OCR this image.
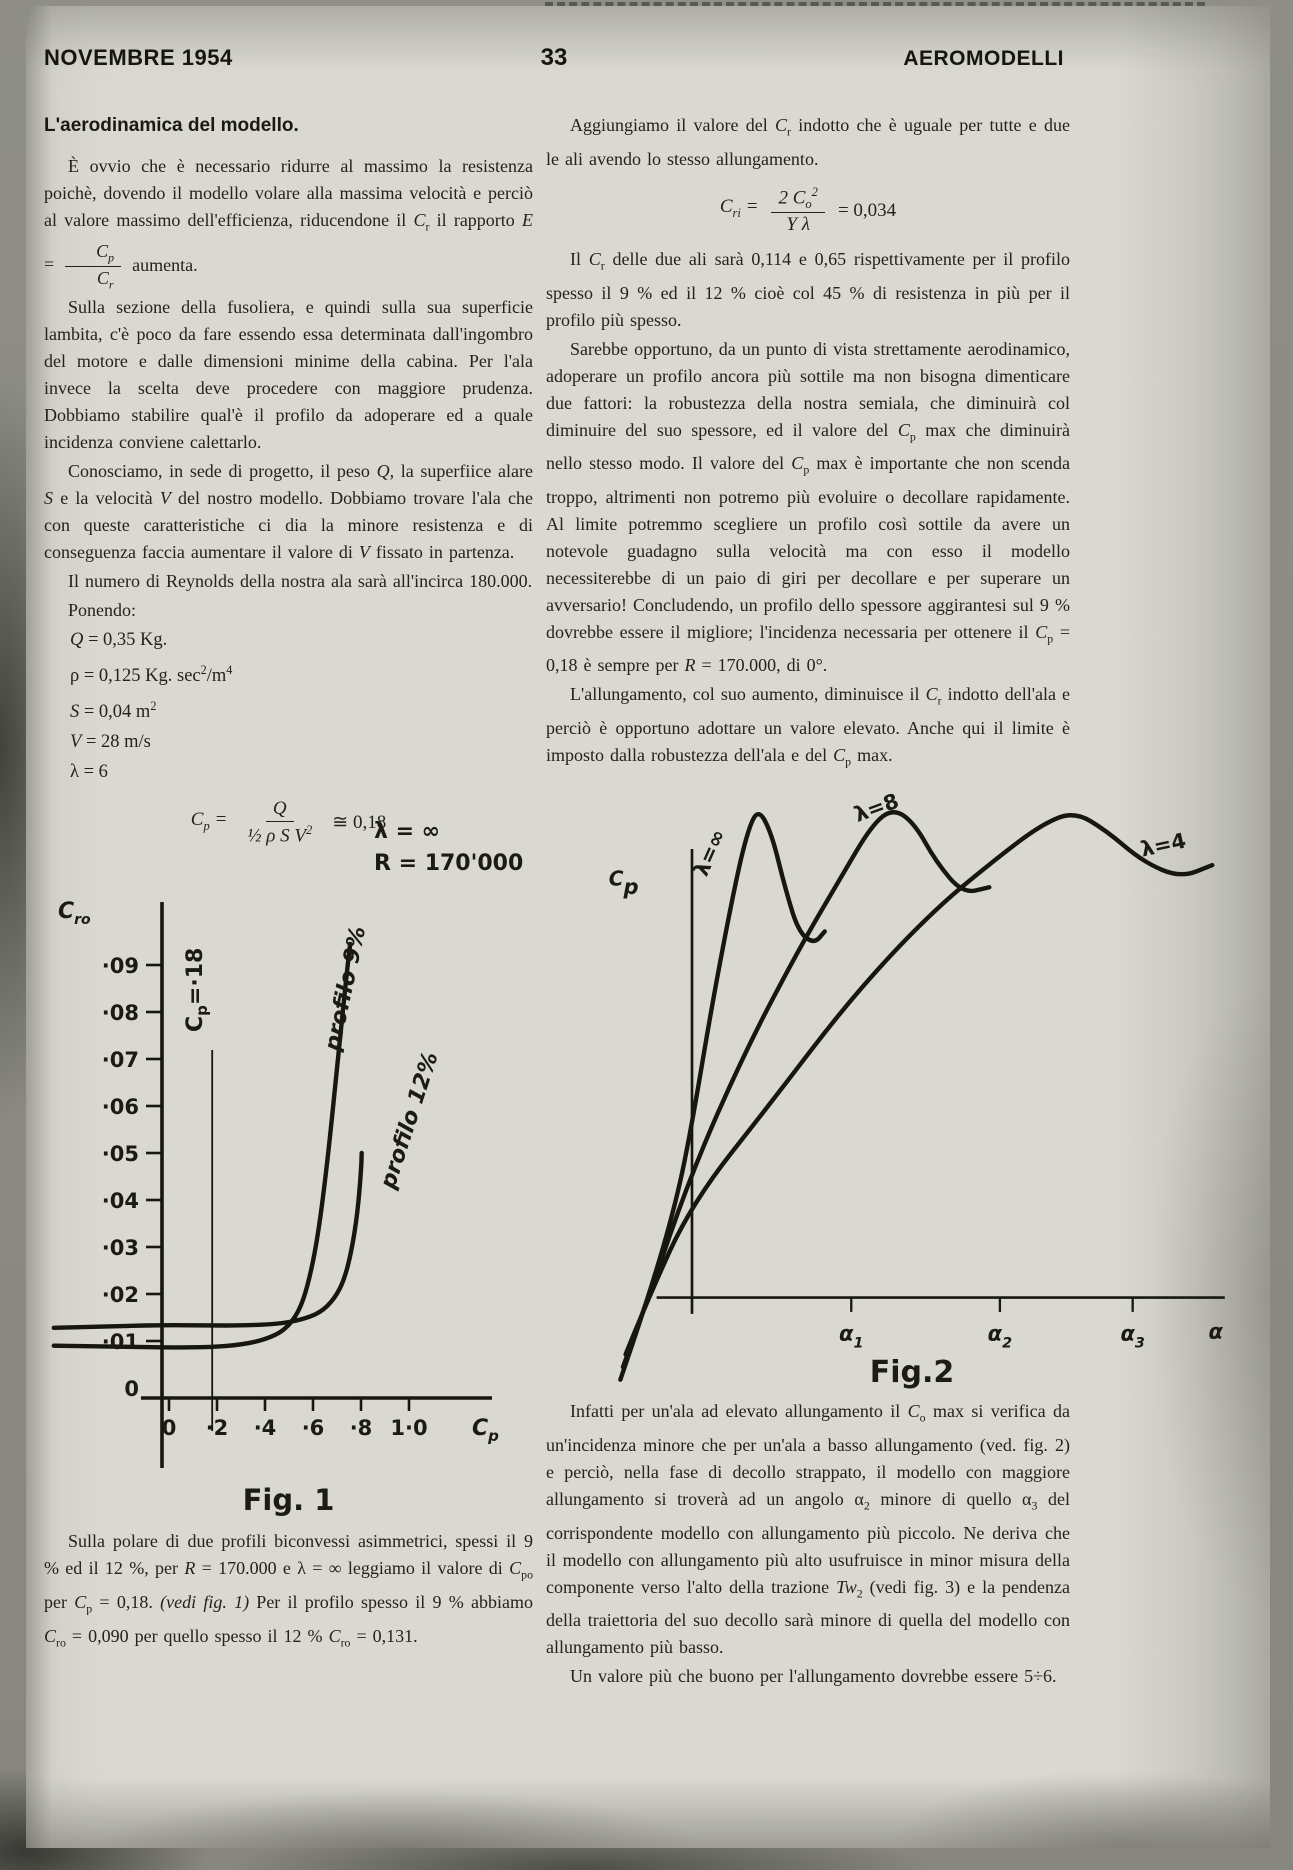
NOVEMBRE 1954	33	AEROMODELLI
L'aerodinamica del modello.

È ovvio che è necessario ridurre al massimo la resistenza poichè, dovendo il modello volare alla massima velocità e perciò al valore massimo dell'efficienza, riducendone il $C_r$ il rapporto $E = \frac{C_p}{C_r}$ aumenta.

Sulla sezione della fusoliera, e quindi sulla sua superficie lambita, c'è poco da fare essendo essa determinata dall'ingombro del motore e dalle dimensioni minime della cabina. Per l'ala invece la scelta deve procedere con maggiore prudenza. Dobbiamo stabilire qual'è il profilo da adoperare ed a quale incidenza conviene calettarlo.

Conosciamo, in sede di progetto, il peso Q, la superfiice alare S e la velocità V del nostro modello. Dobbiamo trovare l'ala che con queste caratteristiche ci dia la minore resistenza e di conseguenza faccia aumentare il valore di V fissato in partenza.

Il numero di Reynolds della nostra ala sarà all'incirca 180.000.

Ponendo:

Q = 0,35 Kg.
ρ = 0,125 Kg. $\sec^2/m^4$
S = 0,04 $m^2$
V = 28 m/s
λ = 6
$C_p = \frac{Q}{\frac{1}{2} \rho S V^2}$ ≅ 0,18
0 ·2 ·4 ·6 ·8 1·0 $C_p$
0
·01
·02
·03
·04
·05
·06
·07
·08
·09
$C_{ro}$
$C_p=\cdot 18$	profilo 9%
profilo 12%
λ = ∞
R = 170'000
Fig. 1

Sulla polare di due profili biconvessi asimmetrici, spessi il 9 % ed il 12 %, per R = 170.000 e λ = ∞ leggiamo il valore di $C_{po}$ per $C_p = 0,18$. (vedi fig. 1) Per il profilo spesso il 9 % abbiamo $C_{ro} = 0,090$ per quello spesso il 12 % $C_{ro} = 0,131$.

Aggiungiamo il valore del $C_r$ indotto che è uguale per tutte e due le ali avendo lo stesso allungamento.

$C_{ri} = \frac{2 C_o^2}{\text{Y λ}} = 0,034$

Il $C_r$ delle due ali sarà 0,114 e 0,65 rispettivamente per il profilo spesso il 9 % ed il 12 % cioè col 45 % di resistenza in più per il profilo più spesso.

Sarebbe opportuno, da un punto di vista strettamente aerodinamico, adoperare un profilo ancora più sottile ma non bisogna dimenticare due fattori: la robustezza della nostra semiala, che diminuirà col diminuire del suo spessore, ed il valore del $C_p$ max che diminuirà nello stesso modo. Il valore del $C_p$ max è importante che non scenda troppo, altrimenti non potremo più evoluire o decollare rapidamente. Al limite potremmo scegliere un profilo così sottile da avere un notevole guadagno sulla velocità ma con esso il modello necessiterebbe di un paio di giri per decollare e per superare un avversario! Concludendo, un profilo dello spessore aggirantesi sul 9 % dovrebbe essere il migliore; l'incidenza necessaria per ottenere il $C_p = 0,18$ è sempre per R = 170.000, di 0°.

L'allungamento, col suo aumento, diminuisce il $C_r$ indotto dell'ala e perciò è opportuno adottare un valore elevato. Anche qui il limite è imposto dalla robustezza dell'ala e del $C_p$ max.

$\alpha_1$	$\alpha_2$	$\alpha_3$	α
Cp
λ=∞
λ=8
λ=4
Fig.2

Infatti per un'ala ad elevato allungamento il $C_o$ max si verifica da un'incidenza minore che per un'ala a basso allungamento (ved. fig. 2) e perciò, nella fase di decollo strappato, il modello con maggiore allungamento si troverà ad un angolo $\alpha_2$ minore di quello $\alpha_3$ del corrispondente modello con allungamento più piccolo. Ne deriva che il modello con allungamento più alto usufruisce in minor misura della componente verso l'alto della trazione $Tw_2$ (vedi fig. 3) e la pendenza della traiettoria del suo decollo sarà minore di quella del modello con allungamento più basso.

Un valore più che buono per l'allungamento dovrebbe essere 5÷6.
